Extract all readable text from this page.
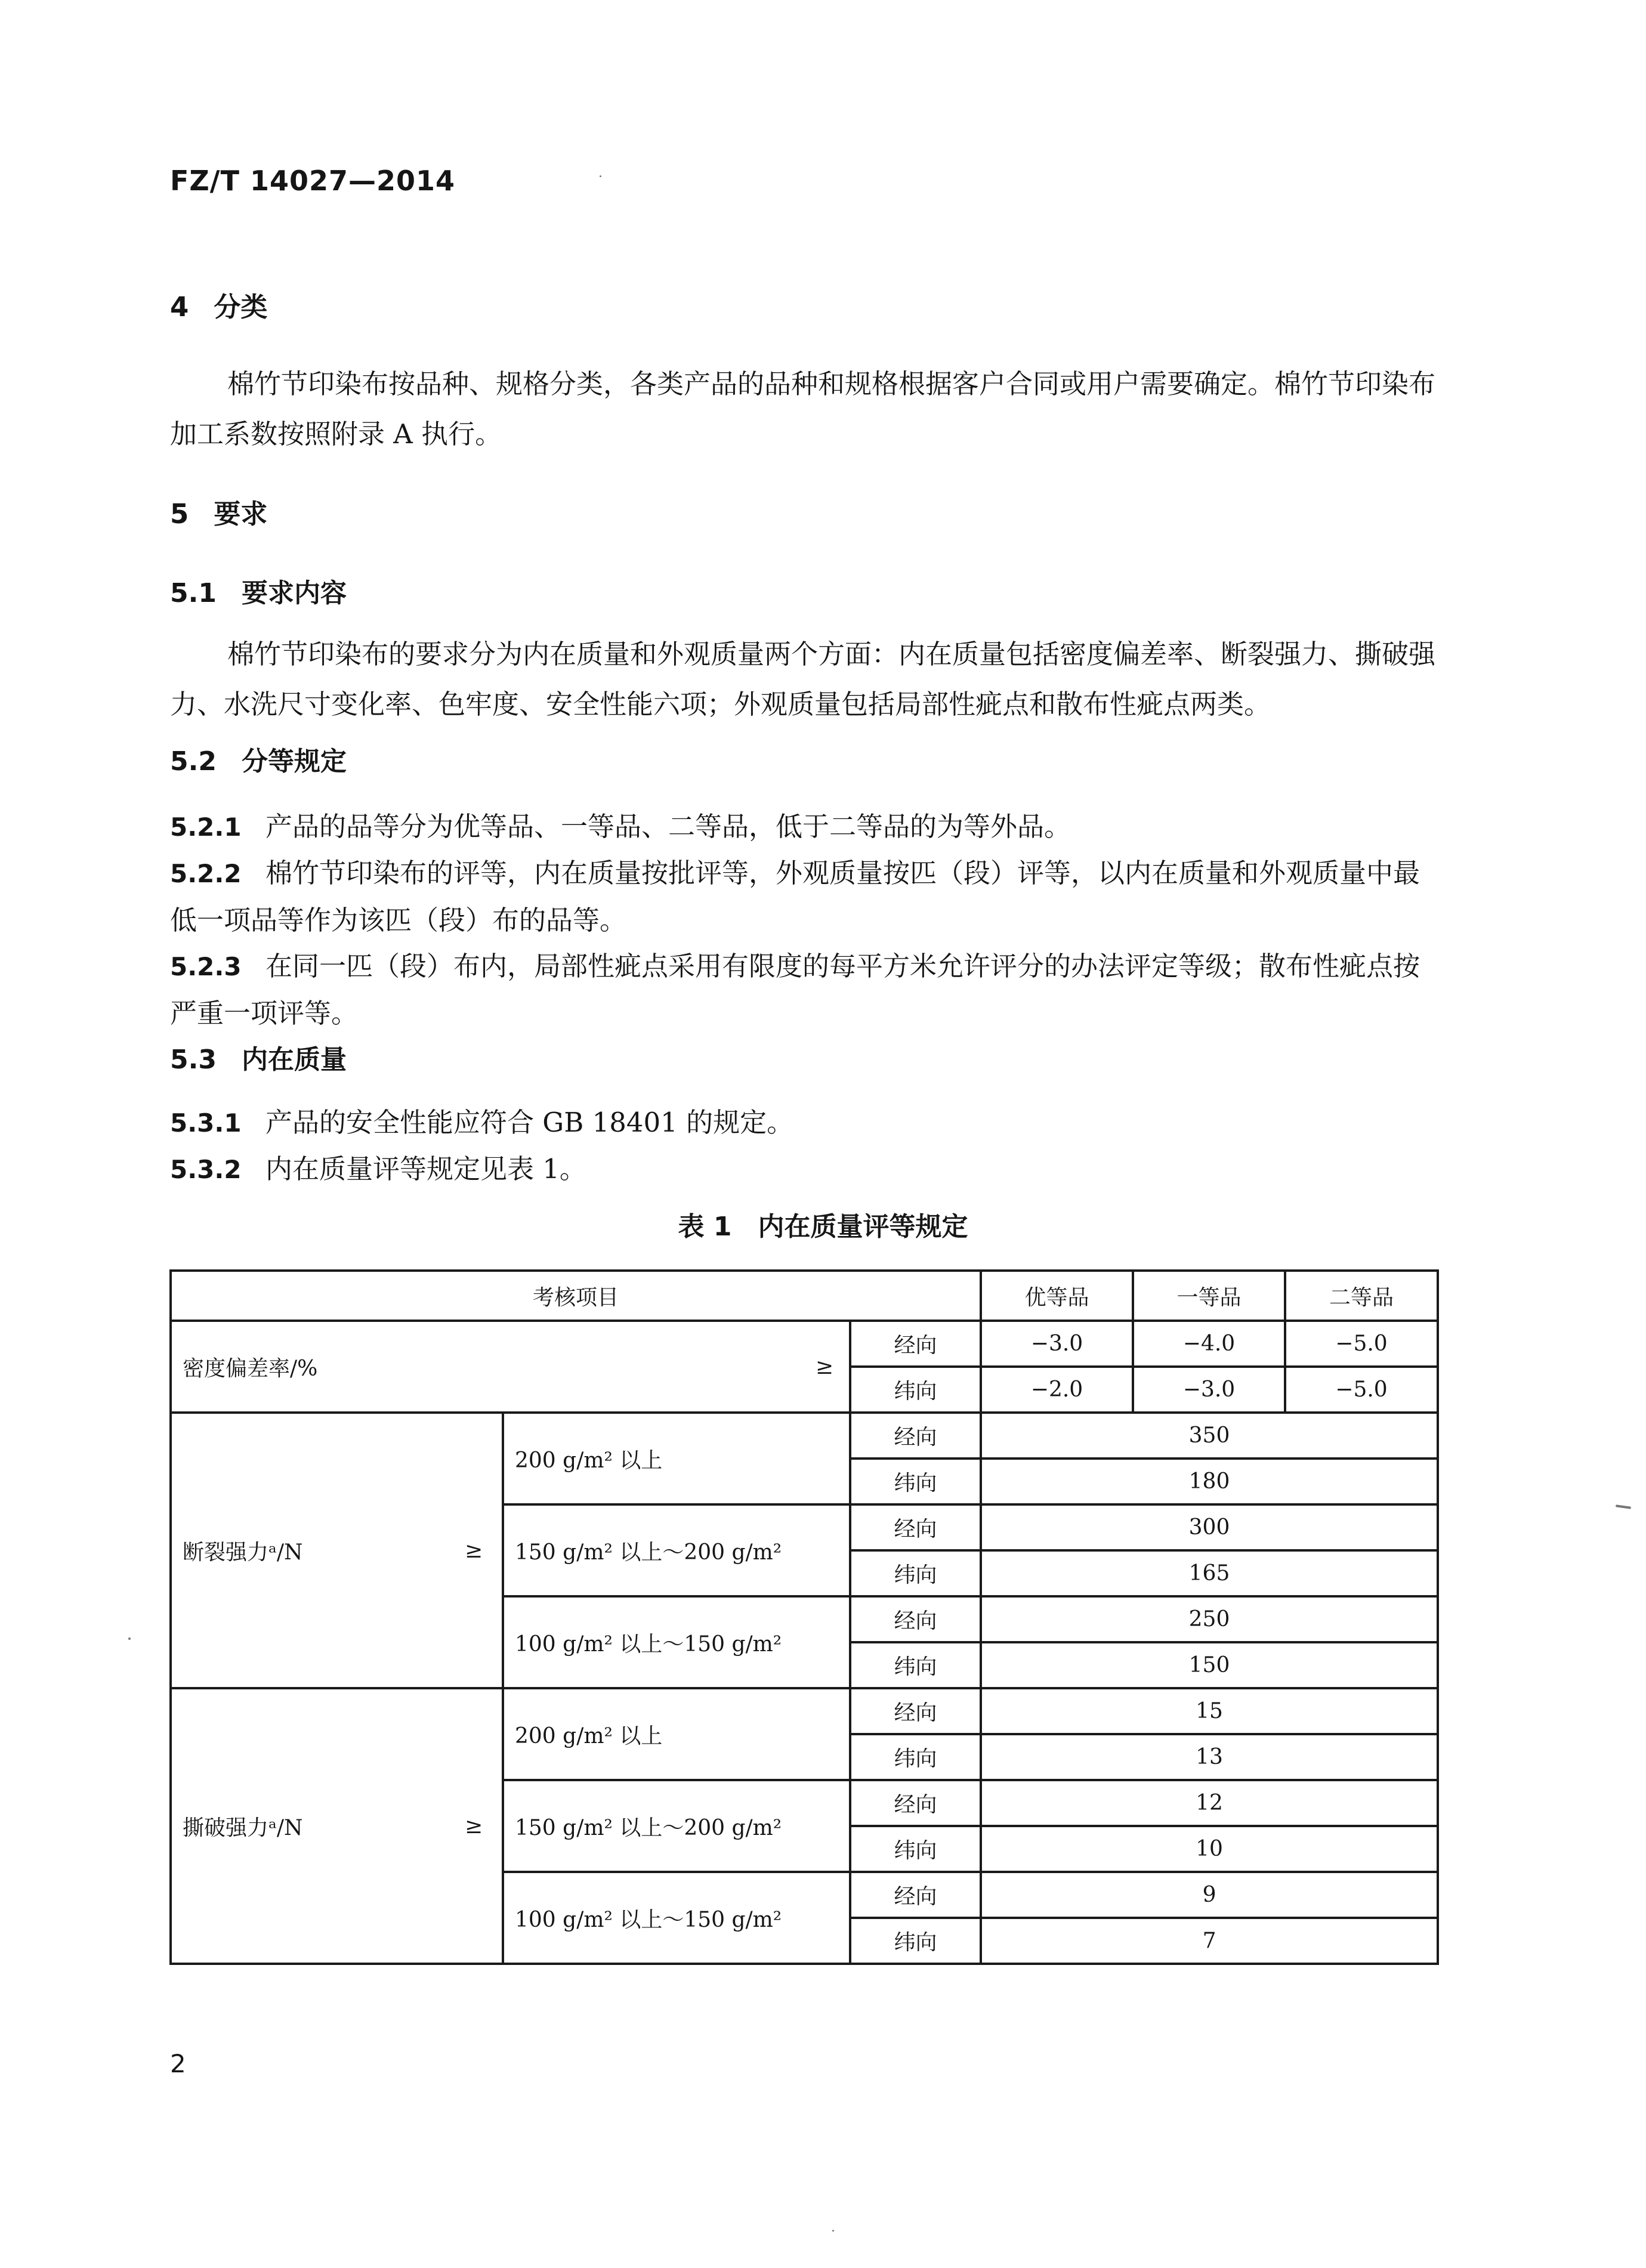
FZ/T 14027—2014
4 分类
棉竹节印染布按品种、规格分类，各类产品的品种和规格根据客户合同或用户需要确定。棉竹节印染布加工系数按照附录 A 执行。
5 要求
5.1 要求内容
棉竹节印染布的要求分为内在质量和外观质量两个方面：内在质量包括密度偏差率、断裂强力、撕破强力、水洗尺寸变化率、色牢度、安全性能六项；外观质量包括局部性疵点和散布性疵点两类。
5.2 分等规定
5.2.1 产品的品等分为优等品、一等品、二等品，低于二等品的为等外品。
5.2.2 棉竹节印染布的评等，内在质量按批评等，外观质量按匹（段）评等，以内在质量和外观质量中最低一项品等作为该匹（段）布的品等。
5.2.3 在同一匹（段）布内，局部性疵点采用有限度的每平方米允许评分的办法评定等级；散布性疵点按严重一项评等。
5.3 内在质量
5.3.1 产品的安全性能应符合 GB 18401 的规定。
5.3.2 内在质量评等规定见表 1。
表 1　内在质量评等规定
考核项目				优等品	一等品	二等品

密度偏差率/% ≥			经向	−3.0	−4.0	−5.0
			纬向	−2.0	−3.0	−5.0
断裂强力ᵃ/N	≥	200 g/m² 以上	经向	350		
			纬向	180		
		150 g/m² 以上～200 g/m²	经向	300		
			纬向	165		
		100 g/m² 以上～150 g/m²	经向	250		
			纬向	150		
撕破强力ᵃ/N	≥	200 g/m² 以上	经向	15		
			纬向	13		
		150 g/m² 以上～200 g/m²	经向	12		
			纬向	10		
		100 g/m² 以上～150 g/m²	经向	9		
			纬向	7		
2
